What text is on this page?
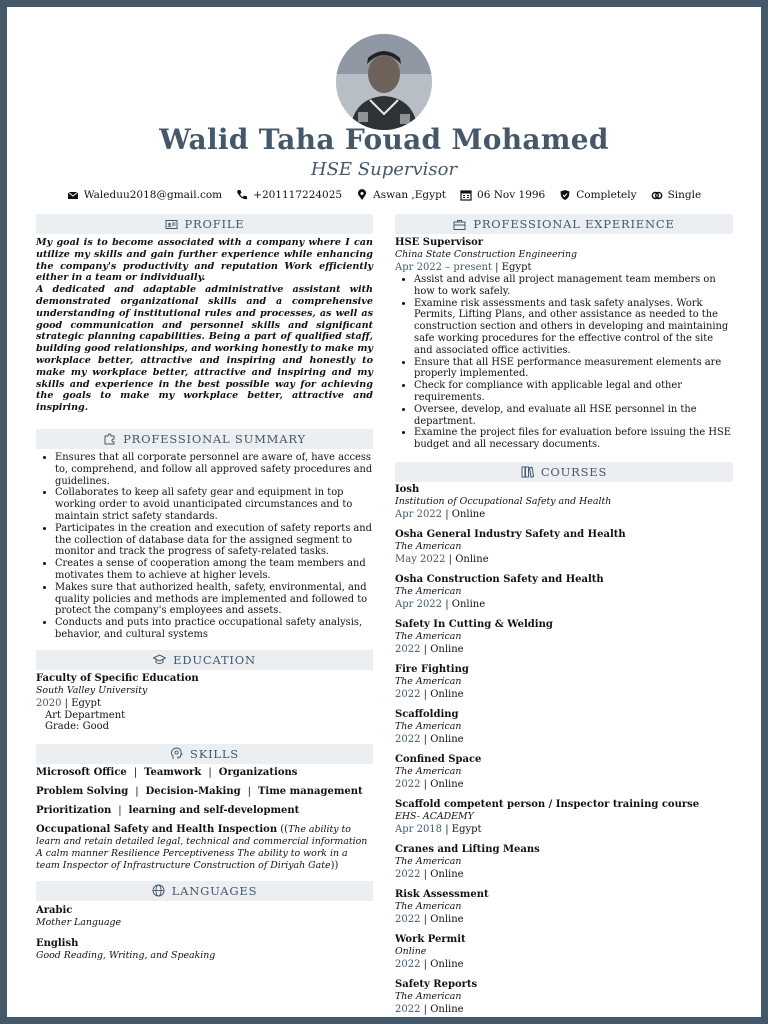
Walid Taha Fouad Mohamed
HSE Supervisor
Waleduu2018@gmail.com	+201117224025	Aswan ,Egypt	06 Nov 1996	Completely	Single
PROFILE

My goal is to become associated with a company where I can utilize my skills and gain further experience while enhancing the company's productivity and reputation Work efficiently either in a team or individually.

A dedicated and adaptable administrative assistant with demonstrated organizational skills and a comprehensive understanding of institutional rules and processes, as well as good communication and personnel skills and significant strategic planning capabilities. Being a part of qualified staff, building good relationships, and working honestly to make my workplace better, attractive and inspiring and honestly to make my workplace better, attractive and inspiring and my skills and experience in the best possible way for achieving the goals to make my workplace better, attractive and inspiring.

PROFESSIONAL SUMMARY
• Ensures that all corporate personnel are aware of, have access to, comprehend, and follow all approved safety procedures and guidelines.
• Collaborates to keep all safety gear and equipment in top working order to avoid unanticipated circumstances and to maintain strict safety standards.
• Participates in the creation and execution of safety reports and the collection of database data for the assigned segment to monitor and track the progress of safety-related tasks.
• Creates a sense of cooperation among the team members and motivates them to achieve at higher levels.
• Makes sure that authorized health, safety, environmental, and quality policies and methods are implemented and followed to protect the company's employees and assets.
• Conducts and puts into practice occupational safety analysis, behavior, and cultural systems
EDUCATION
Faculty of Specific Education
South Valley University
2020 | Egypt
Art Department
Grade: Good
SKILLS
Microsoft Office | Teamwork | Organizations
Problem Solving | Decision-Making | Time management
Prioritization | learning and self-development
Occupational Safety and Health Inspection ((The ability to learn and retain detailed legal, technical and commercial information A calm manner Resilience Perceptiveness The ability to work in a team Inspector of Infrastructure Construction of Diriyah Gate))
LANGUAGES
Arabic
Mother Language
English
Good Reading, Writing, and Speaking
PROFESSIONAL EXPERIENCE
HSE Supervisor
China State Construction Engineering
Apr 2022 – present | Egypt
• Assist and advise all project management team members on how to work safely.
• Examine risk assessments and task safety analyses. Work Permits, Lifting Plans, and other assistance as needed to the construction section and others in developing and maintaining safe working procedures for the effective control of the site and associated office activities.
• Ensure that all HSE performance measurement elements are properly implemented.
• Check for compliance with applicable legal and other requirements.
• Oversee, develop, and evaluate all HSE personnel in the department.
• Examine the project files for evaluation before issuing the HSE budget and all necessary documents.
COURSES
Iosh
Institution of Occupational Safety and Health
Apr 2022 | Online
Osha General Industry Safety and Health
The American
May 2022 | Online
Osha Construction Safety and Health
The American
Apr 2022 | Online
Safety In Cutting & Welding
The American
2022 | Online
Fire Fighting
The American
2022 | Online
Scaffolding
The American
2022 | Online
Confined Space
The American
2022 | Online
Scaffold competent person / Inspector training course
EHS- ACADEMY
Apr 2018 | Egypt
Cranes and Lifting Means
The American
2022 | Online
Risk Assessment
The American
2022 | Online
Work Permit
Online
2022 | Online
Safety Reports
The American
2022 | Online
